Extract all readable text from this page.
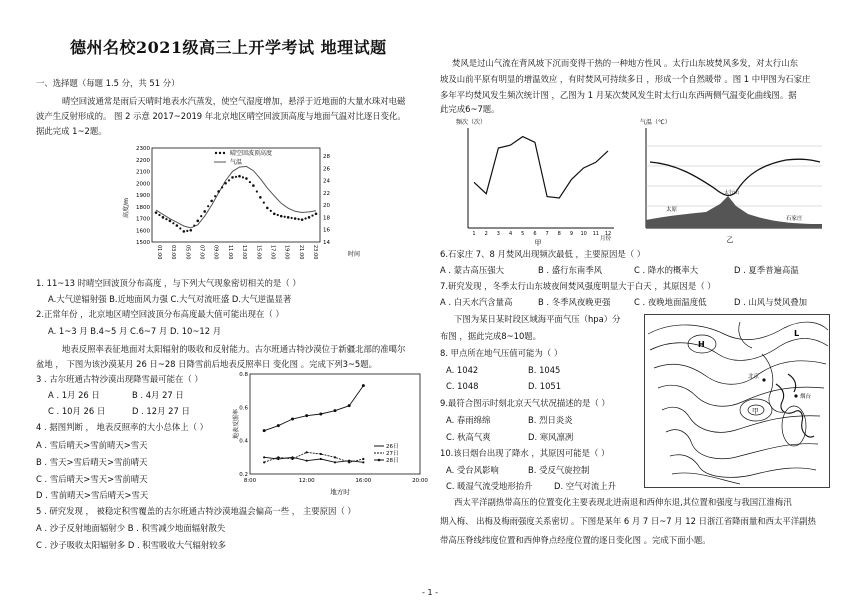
德州名校2021级高三上开学考试 地理试题
一、选择题（每题 1.5 分，共 51 分）
晴空回波通常是雨后天晴时地表水汽蒸发，使空气湿度增加，悬浮于近地面的大量水珠对电磁
波产生反射形成的。 图 2 示意 2017~2019 年北京地区晴空回波顶高度与地面气温对比逐日变化。
据此完成 1~2题。
2300
2200
2100
2000
1900
1800
1700
1600
1500
28
26
24
22
20
18
16
14
01:00 03:00 05:00 07:00 09:00 11:00 13:00 15:00 17:00 19:00 21:00 23:00
高度/m
时间
晴空回波顶高度
气温
1. 11~13 时晴空回波顶分布高度 ，与下列大气现象密切相关的是（ ）
A.大气逆辐射强 B.近地面风力强 C.大气对流旺盛 D.大气逆温显著
2.正常年份 ，北京地区晴空回波顶分布高度最大值可能出现在（ ）
A. 1~3 月 B.4~5 月 C.6~7 月 D. 10~12 月
地表反照率表征地面对太阳辐射的吸收和反射能力。古尔班通古特沙漠位于新疆北部的准噶尔
盆地 ， 下图为该沙漠某月 26 日~28 日降雪前后地表反照率日 变化图 。完成下列3~5题。
3 . 古尔班通古特沙漠出现降雪最可能在（ ）
A . 1月 26 日	B . 4月 27 日
C . 10月 26 日	D . 12月 27 日
4 . 据图判断 ， 地表反照率的大小总体上（ ）
A . 雪后晴天>雪前晴天>雪天
B . 雪天>雪后晴天>雪前晴天
C . 雪后晴天>雪天>雪前晴天
D . 雪前晴天>雪后晴天>雪天
5 . 研究发现 ， 被稳定积雪覆盖的古尔班通古特沙漠地温会偏高一些 ， 主要原因（ ）
A . 沙子反射地面辐射少 B . 积雪减少地面辐射散失
C . 沙子吸收太阳辐射多 D . 积雪吸收大气辐射较多
0.8
0.6
0.4
0.2
8:00	12:00	16:00	20:00
地表反照率
地方时
26日
27日
28日
焚风是过山气流在背风坡下沉而变得干热的一种地方性风 。太行山东坡焚风多发，对太行山东
坡及山前平原有明显的增温效应 ，有时焚风可持续多日 ，形成一个自然暖带 。图 1 中甲图为石家庄
多年平均焚风发生频次统计图 ，乙图为 1 月某次焚风发生时太行山东西两侧气温变化曲线图。据
此完成6~7题。
频次（次）
1 2 3 4 5 6 7 8 9 10 11 12
月份
甲
气温（℃）
太原
太行山
石家庄
乙
6.石家庄 7、8 月焚风出现频次最低 ，主要原因是（ ）
A . 蒙古高压强大	B . 盛行东南季风	C . 降水的概率大	D . 夏季普遍高温
7.研究发现 ，冬季太行山东坡夜间焚风强度明显大于白天 ，其原因是（ ）
A . 白天水汽含量高	B . 冬季风夜晚更强	C . 夜晚地面温度低	D . 山风与焚风叠加
下图为某日某时段区域海平面气压（hpa）分
布图 ，据此完成8~10题。
8. 甲点所在地气压值可能为（ ）
A. 1042	B. 1045
C. 1048	D. 1051
9.最符合图示时刻北京天气状况描述的是（ ）
A. 春雨绵绵	B. 烈日炎炎
C. 秋高气爽	D. 寒风凛冽
10.该日烟台出现了降水 ，其原因可能是（ ）
A. 受台风影响	B. 受反气旋控制
C. 暖湿气流受地形抬升	D. 空气对流上升
H
L
甲
北京
烟台
西太平洋副热带高压的位置变化主要表现北进南退和西伸东退,其位置和强度与我国江淮梅汛
期入梅、 出梅及梅雨强度关系密切 。下图是某年 6 月 7 日~7 月 12 日浙江省降雨量和西太平洋副热
带高压脊线纬度位置和西伸脊点经度位置的逐日变化图 。完成下面小题。
- 1 -
